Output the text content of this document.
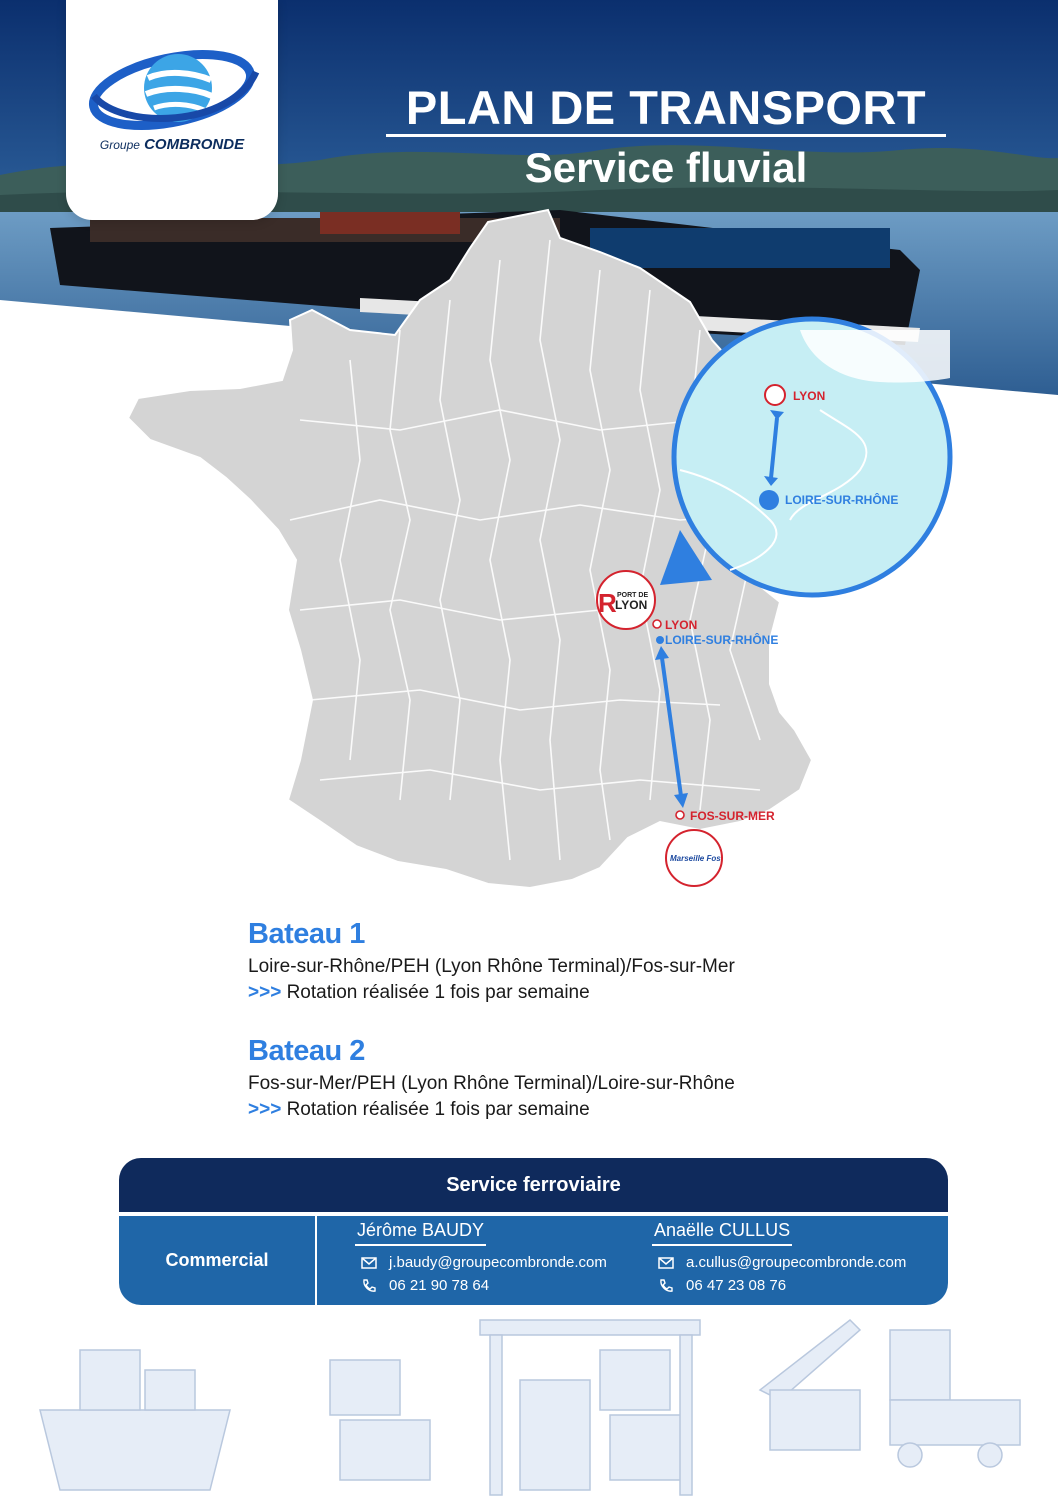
Groupe COMBRONDE
PLAN DE TRANSPORT
Service fluvial
LYON
LOIRE-SUR-RHÔNE
R PORT DE
LYON
LYON
LOIRE-SUR-RHÔNE
FOS-SUR-MER
Marseille Fos
Bateau 1
Loire-sur-Rhône/PEH (Lyon Rhône Terminal)/Fos-sur-Mer
>>> Rotation réalisée 1 fois par semaine
Bateau 2
Fos-sur-Mer/PEH (Lyon Rhône Terminal)/Loire-sur-Rhône
>>> Rotation réalisée 1 fois par semaine
Service ferroviaire
Commercial
Jérôme BAUDY
j.baudy@groupecombronde.com
06 21 90 78 64
Anaëlle CULLUS
a.cullus@groupecombronde.com
06 47 23 08 76
